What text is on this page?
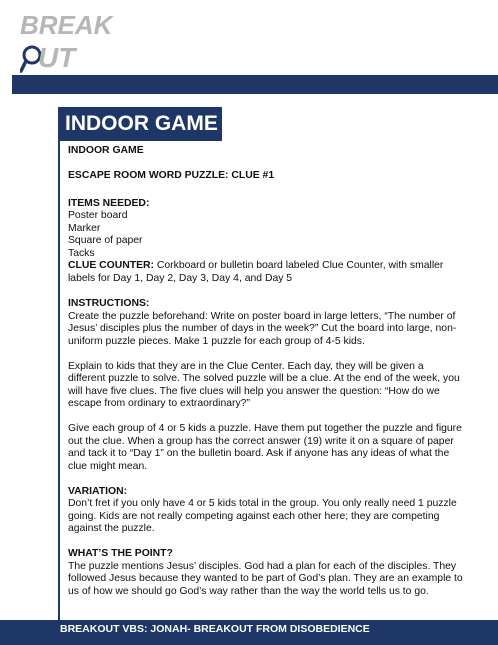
BREAK
UT
INDOOR GAME

INDOOR GAME

ESCAPE ROOM WORD PUZZLE: CLUE #1

ITEMS NEEDED:

Poster board

Marker

Square of paper

Tacks

CLUE COUNTER: Corkboard or bulletin board labeled Clue Counter, with smaller labels for Day 1, Day 2, Day 3, Day 4, and Day 5

INSTRUCTIONS:

Create the puzzle beforehand: Write on poster board in large letters, “The number of Jesus’ disciples plus the number of days in the week?” Cut the board into large, non-uniform puzzle pieces. Make 1 puzzle for each group of 4-5 kids.

Explain to kids that they are in the Clue Center. Each day, they will be given a different puzzle to solve. The solved puzzle will be a clue. At the end of the week, you will have five clues. The five clues will help you answer the question: “How do we escape from ordinary to extraordinary?”

Give each group of 4 or 5 kids a puzzle. Have them put together the puzzle and figure out the clue. When a group has the correct answer (19) write it on a square of paper and tack it to “Day 1” on the bulletin board. Ask if anyone has any ideas of what the clue might mean.

VARIATION:

Don’t fret if you only have 4 or 5 kids total in the group. You only really need 1 puzzle going. Kids are not really competing against each other here; they are competing against the puzzle.

WHAT’S THE POINT?

The puzzle mentions Jesus’ disciples. God had a plan for each of the disciples. They followed Jesus because they wanted to be part of God’s plan. They are an example to us of how we should go God’s way rather than the way the world tells us to go.

BREAKOUT VBS: JONAH- BREAKOUT FROM DISOBEDIENCE
